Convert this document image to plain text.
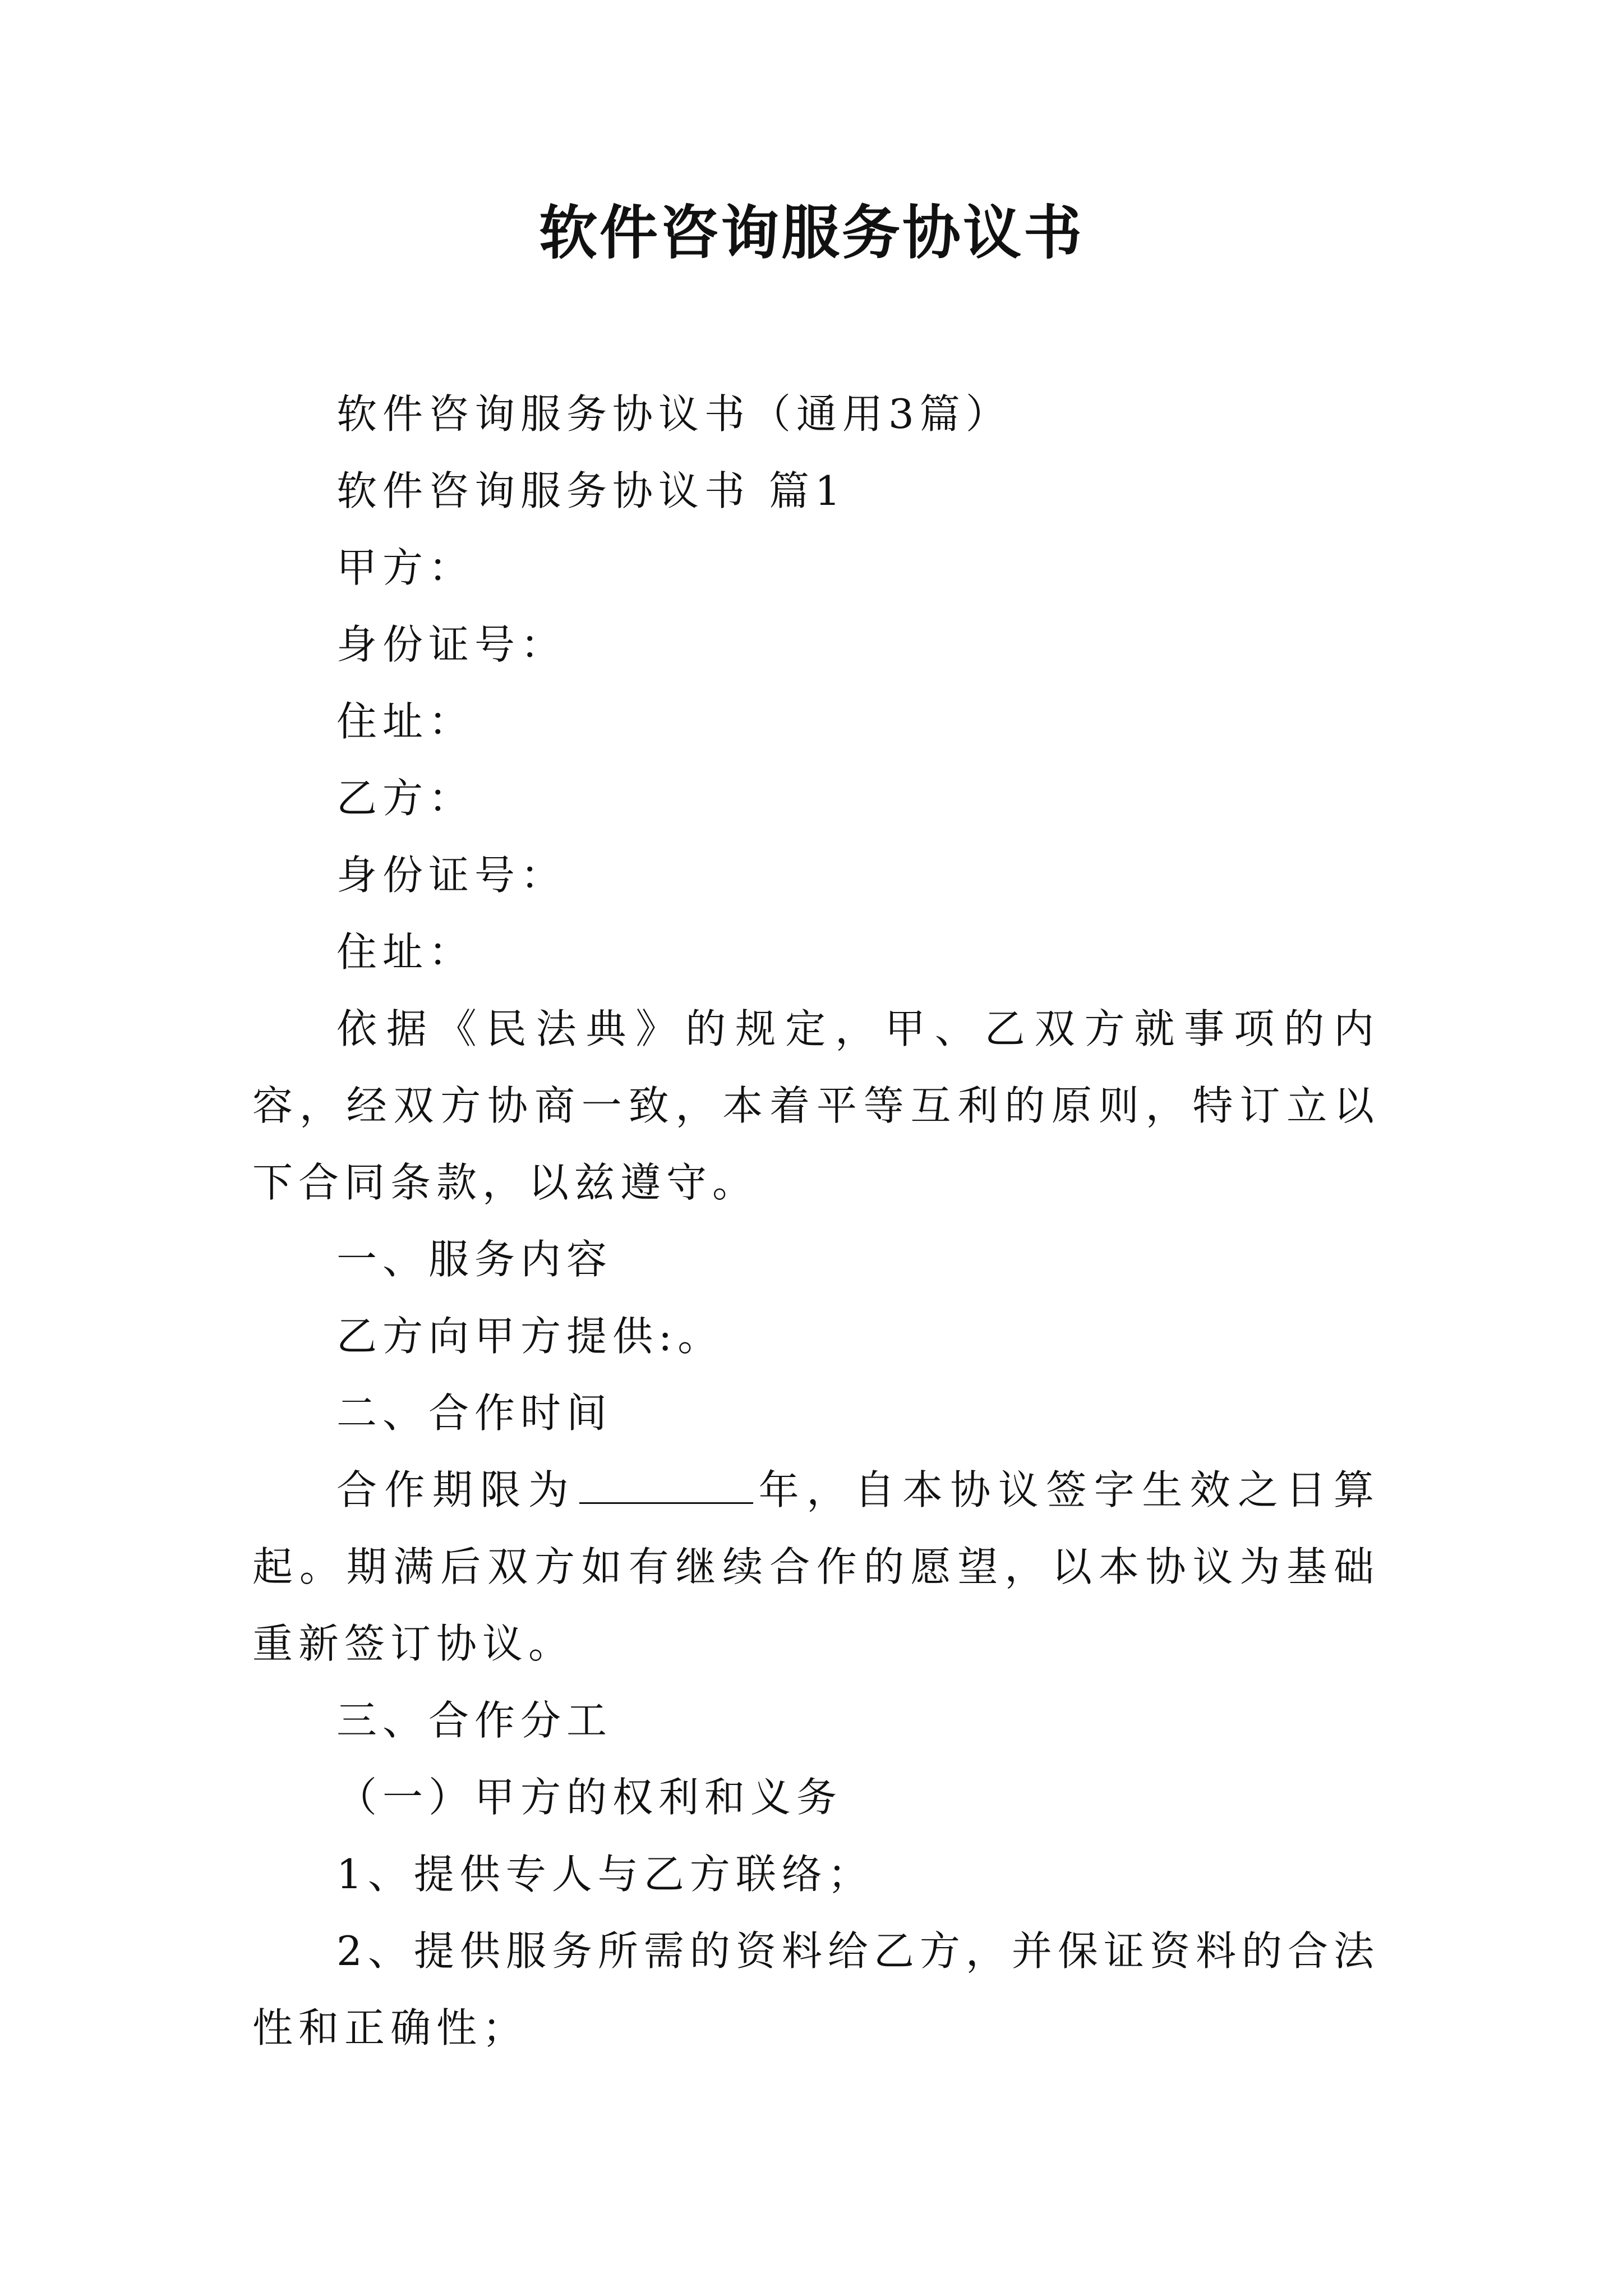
软件咨询服务协议书

软件咨询服务协议书（通用3篇）

软件咨询服务协议书 篇1

甲方：

身份证号：

住址：

乙方：

身份证号：

住址：

依据《民法典》的规定，甲、乙双方就事项的内容，经双方协商一致，本着平等互利的原则，特订立以下合同条款，以兹遵守。

一、服务内容

乙方向甲方提供:。

二、合作时间

合作期限为	年，自本协议签字生效之日算起。期满后双方如有继续合作的愿望，以本协议为基础重新签订协议。

三、合作分工

（一）甲方的权利和义务

1、提供专人与乙方联络；

2、提供服务所需的资料给乙方，并保证资料的合法性和正确性；
